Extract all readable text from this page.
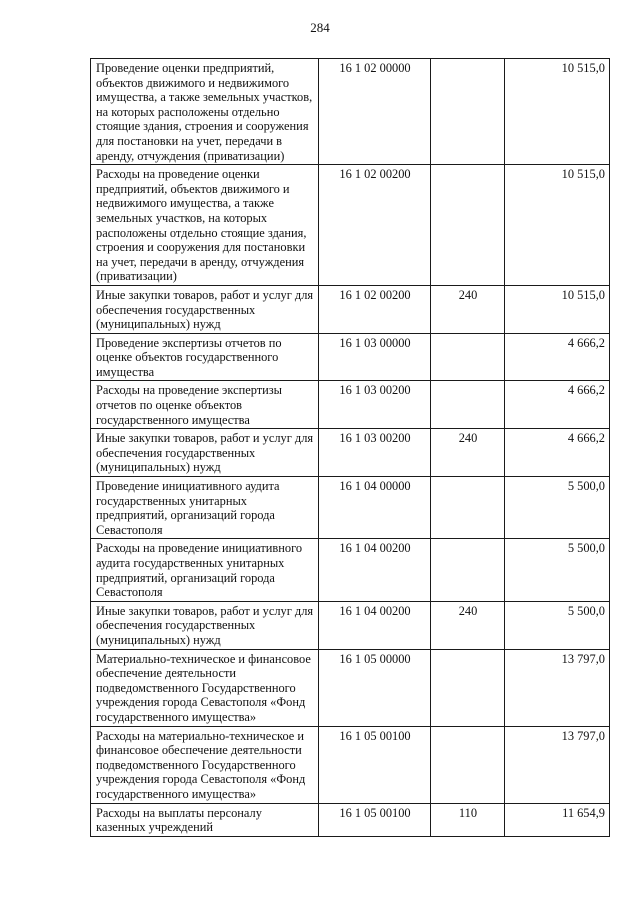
284
Проведение оценки предприятий, объектов движимого и недвижимого имущества, а также земельных участков, на которых расположены отдельно стоящие здания, строения и сооружения для постановки на учет, передачи в аренду, отчуждения (приватизации)	16 1 02 00000		10 515,0
Расходы на проведение оценки предприятий, объектов движимого и недвижимого имущества, а также земельных участков, на которых расположены отдельно стоящие здания, строения и сооружения для постановки на учет, передачи в аренду, отчуждения (приватизации)	16 1 02 00200		10 515,0
Иные закупки товаров, работ и услуг для обеспечения государственных (муниципальных) нужд	16 1 02 00200	240	10 515,0
Проведение экспертизы отчетов по оценке объектов государственного имущества	16 1 03 00000		4 666,2
Расходы на проведение экспертизы отчетов по оценке объектов государственного имущества	16 1 03 00200		4 666,2
Иные закупки товаров, работ и услуг для обеспечения государственных (муниципальных) нужд	16 1 03 00200	240	4 666,2
Проведение инициативного аудита государственных унитарных предприятий, организаций города Севастополя	16 1 04 00000		5 500,0
Расходы на проведение инициативного аудита государственных унитарных предприятий, организаций города Севастополя	16 1 04 00200		5 500,0
Иные закупки товаров, работ и услуг для обеспечения государственных (муниципальных) нужд	16 1 04 00200	240	5 500,0
Материально-техническое и финансовое обеспечение деятельности подведомственного Государственного учреждения города Севастополя «Фонд государственного имущества»	16 1 05 00000		13 797,0
Расходы на материально-техническое и финансовое обеспечение деятельности подведомственного Государственного учреждения города Севастополя «Фонд государственного имущества»	16 1 05 00100		13 797,0
Расходы на выплаты персоналу казенных учреждений	16 1 05 00100	110	11 654,9
